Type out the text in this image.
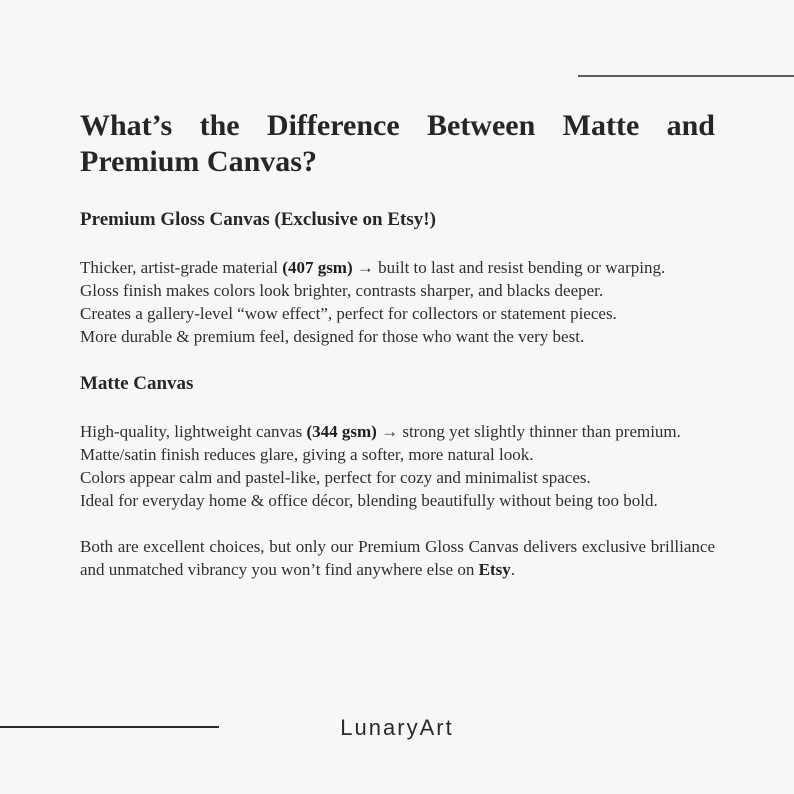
What’s the Difference Between Matte and Premium Canvas?
Premium Gloss Canvas (Exclusive on Etsy!)

Thicker, artist-grade material (407 gsm) → built to last and resist bending or warping.

Gloss finish makes colors look brighter, contrasts sharper, and blacks deeper.

Creates a gallery-level “wow effect”, perfect for collectors or statement pieces.

More durable & premium feel, designed for those who want the very best.

Matte Canvas

High-quality, lightweight canvas (344 gsm) → strong yet slightly thinner than premium.

Matte/satin finish reduces glare, giving a softer, more natural look.

Colors appear calm and pastel-like, perfect for cozy and minimalist spaces.

Ideal for everyday home & office décor, blending beautifully without being too bold.

Both are excellent choices, but only our Premium Gloss Canvas delivers exclusive brilliance and unmatched vibrancy you won’t find anywhere else on Etsy.

LunaryArt
